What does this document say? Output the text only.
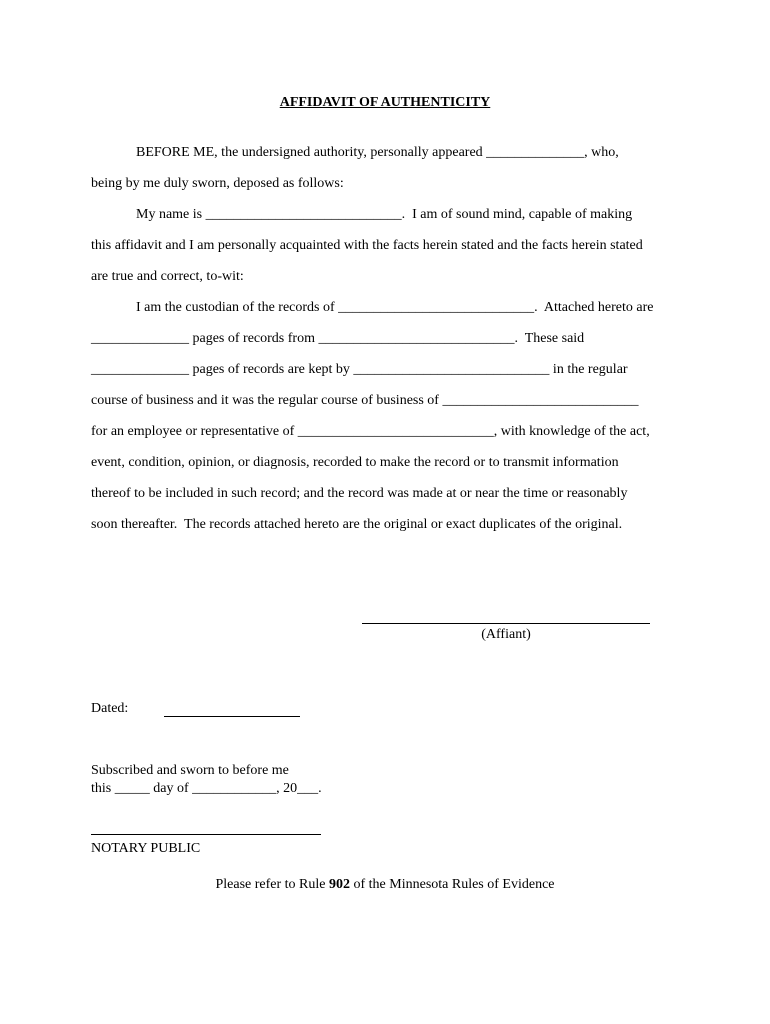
AFFIDAVIT OF AUTHENTICITY
BEFORE ME, the undersigned authority, personally appeared ______________, who,
being by me duly sworn, deposed as follows:
My name is ____________________________.  I am of sound mind, capable of making
this affidavit and I am personally acquainted with the facts herein stated and the facts herein stated
are true and correct, to-wit:
I am the custodian of the records of ____________________________.  Attached hereto are
______________ pages of records from ____________________________.  These said
______________ pages of records are kept by ____________________________ in the regular
course of business and it was the regular course of business of ____________________________
for an employee or representative of ____________________________, with knowledge of the act,
event, condition, opinion, or diagnosis, recorded to make the record or to transmit information
thereof to be included in such record; and the record was made at or near the time or reasonably
soon thereafter.  The records attached hereto are the original or exact duplicates of the original.
(Affiant)
Dated:
Subscribed and sworn to before me
this _____ day of ____________, 20___.
NOTARY PUBLIC
Please refer to Rule 902 of the Minnesota Rules of Evidence
